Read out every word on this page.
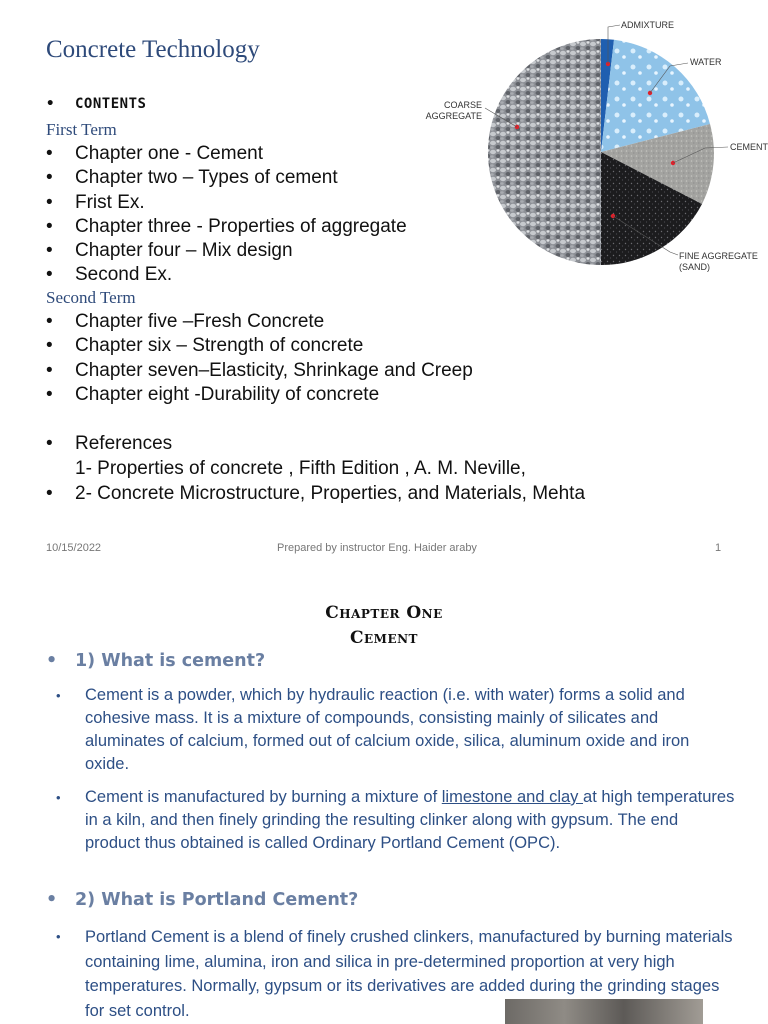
Concrete Technology
• CONTENTS
First Term
•	Chapter one - Cement
•	Chapter two – Types of cement
•	Frist Ex.
•	Chapter three - Properties of aggregate
•	Chapter four – Mix design
•	Second Ex.
Second Term
•	Chapter five –Fresh Concrete
•	Chapter six – Strength of concrete
•	Chapter seven–Elasticity, Shrinkage and Creep
•	Chapter eight -Durability of concrete
•	References
1- Properties of concrete , Fifth Edition , A. M. Neville,
•	2- Concrete Microstructure, Properties, and Materials, Mehta
ADMIXTURE
WATER
COARSE
AGGREGATE
CEMENT
FINE AGGREGATE
(SAND)
10/15/2022	Prepared by instructor Eng. Haider araby	1
Chapter One
Cement
•	1) What is cement?
•	Cement is a powder, which by hydraulic reaction (i.e. with water) forms a solid and cohesive mass. It is a mixture of compounds, consisting mainly of silicates and aluminates of calcium, formed out of calcium oxide, silica, aluminum oxide and iron oxide.
•	Cement is manufactured by burning a mixture of limestone and clay at high temperatures in a kiln, and then finely grinding the resulting clinker along with gypsum. The end product thus obtained is called Ordinary Portland Cement (OPC).
•	2) What is Portland Cement?
•	Portland Cement is a blend of finely crushed clinkers, manufactured by burning materials containing lime, alumina, iron and silica in pre-determined proportion at very high temperatures. Normally, gypsum or its derivatives are added during the grinding stages for set control.
